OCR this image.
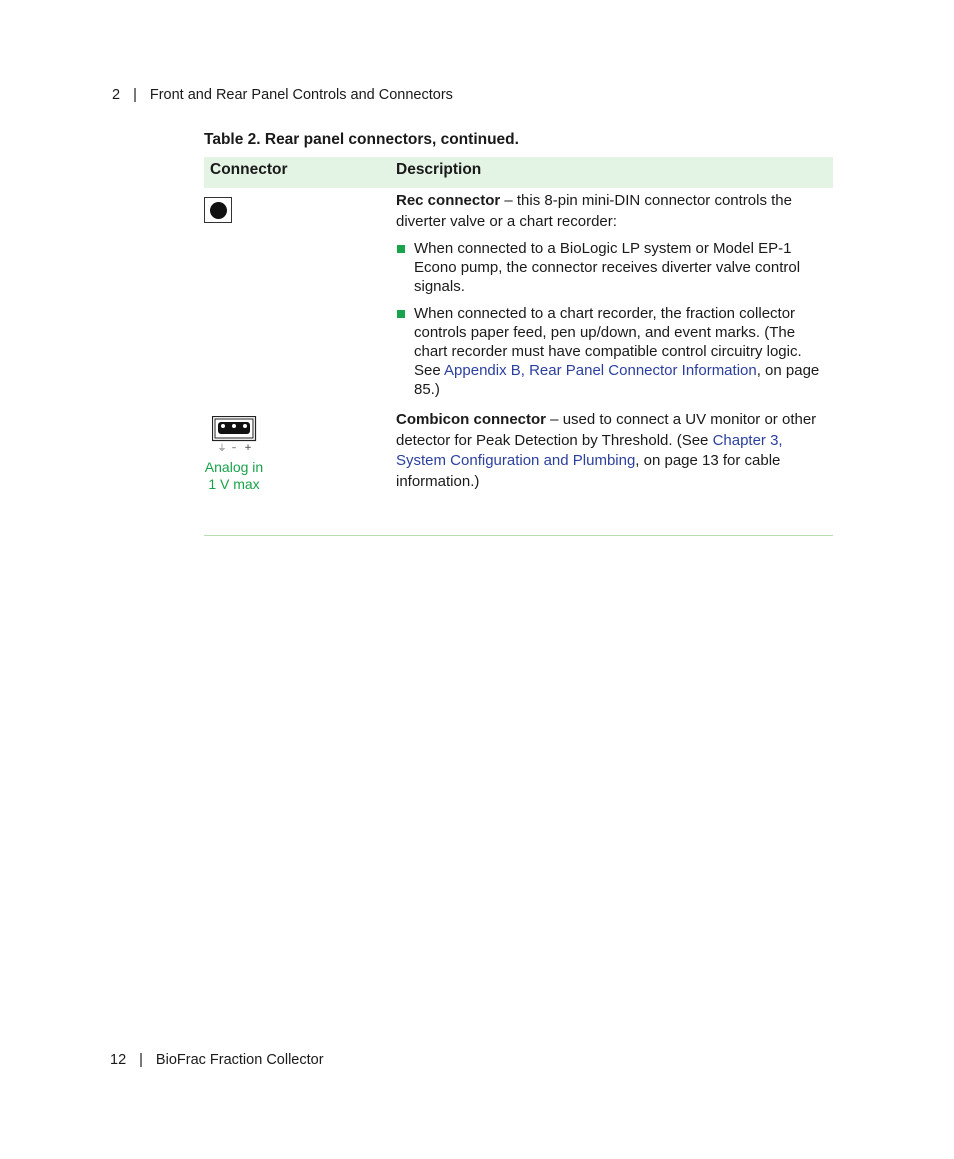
2 | Front and Rear Panel Controls and Connectors
Table 2. Rear panel connectors, continued.
Connector	Description

Rec connector – this 8-pin mini-DIN connector controls the diverter valve or a chart recorder:

When connected to a BioLogic LP system or Model EP-1 Econo pump, the connector receives diverter valve control signals.
When connected to a chart recorder, the fraction collector controls paper feed, pen up/down, and event marks. (The chart recorder must have compatible control circuitry logic. See Appendix B, Rear Panel Connector Information, on page 85.)
⏚ – +
Analog in
1 V max

Combicon connector – used to connect a UV monitor or other detector for Peak Detection by Threshold. (See Chapter 3, System Configuration and Plumbing, on page 13 for cable information.)

12 | BioFrac Fraction Collector
